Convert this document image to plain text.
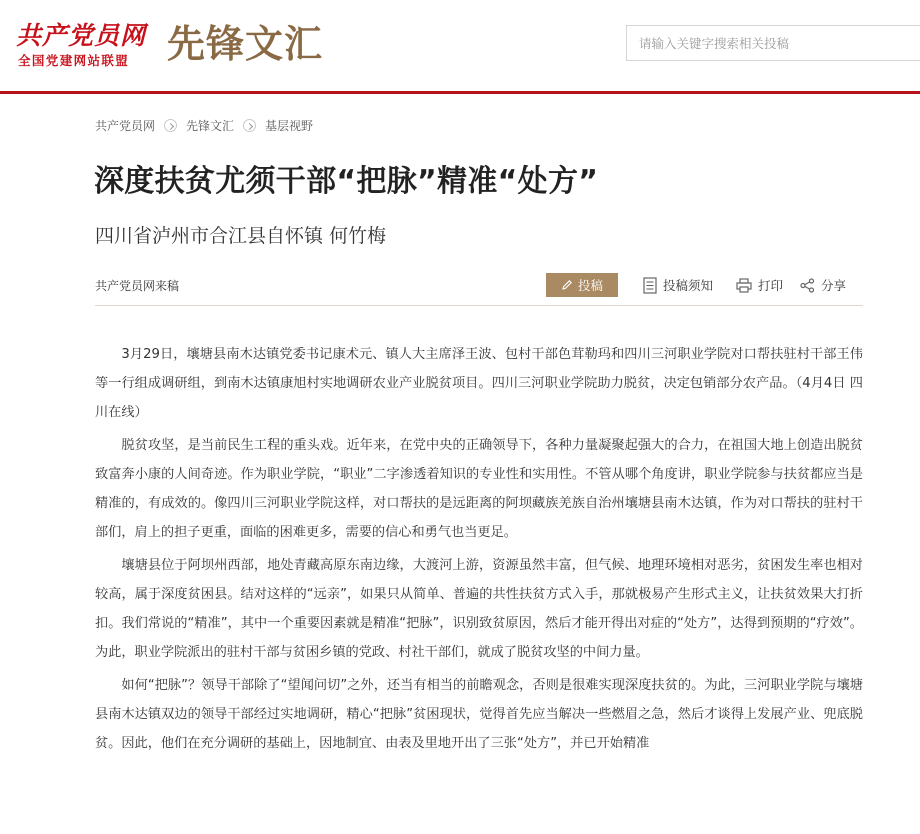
共产党员网
全国党建网站联盟 先锋文汇
请输入关键字搜索相关投稿
共产党员网	先锋文汇	基层视野
深度扶贫尤须干部“把脉”精准“处方”
四川省泸州市合江县自怀镇 何竹梅
共产党员网来稿	投稿	投稿须知	打印	分享

3月29日，壤塘县南木达镇党委书记康术元、镇人大主席泽王波、包村干部色茸勒玛和四川三河职业学院对口帮扶驻村干部王伟等一行组成调研组，到南木达镇康旭村实地调研农业产业脱贫项目。四川三河职业学院助力脱贫，决定包销部分农产品。（4月4日 四川在线）

脱贫攻坚，是当前民生工程的重头戏。近年来，在党中央的正确领导下，各种力量凝聚起强大的合力，在祖国大地上创造出脱贫致富奔小康的人间奇迹。作为职业学院，“职业”二字渗透着知识的专业性和实用性。不管从哪个角度讲，职业学院参与扶贫都应当是精准的，有成效的。像四川三河职业学院这样，对口帮扶的是远距离的阿坝藏族羌族自治州壤塘县南木达镇，作为对口帮扶的驻村干部们，肩上的担子更重，面临的困难更多，需要的信心和勇气也当更足。

壤塘县位于阿坝州西部，地处青藏高原东南边缘，大渡河上游，资源虽然丰富，但气候、地理环境相对恶劣，贫困发生率也相对较高，属于深度贫困县。结对这样的“远亲”，如果只从简单、普遍的共性扶贫方式入手，那就极易产生形式主义，让扶贫效果大打折扣。我们常说的“精准”，其中一个重要因素就是精准“把脉”，识别致贫原因，然后才能开得出对症的“处方”，达得到预期的“疗效”。为此，职业学院派出的驻村干部与贫困乡镇的党政、村社干部们，就成了脱贫攻坚的中间力量。

如何“把脉”？领导干部除了“望闻问切”之外，还当有相当的前瞻观念，否则是很难实现深度扶贫的。为此，三河职业学院与壤塘县南木达镇双边的领导干部经过实地调研，精心“把脉”贫困现状，觉得首先应当解决一些燃眉之急，然后才谈得上发展产业、兜底脱贫。因此，他们在充分调研的基础上，因地制宜、由表及里地开出了三张“处方”，并已开始精准
